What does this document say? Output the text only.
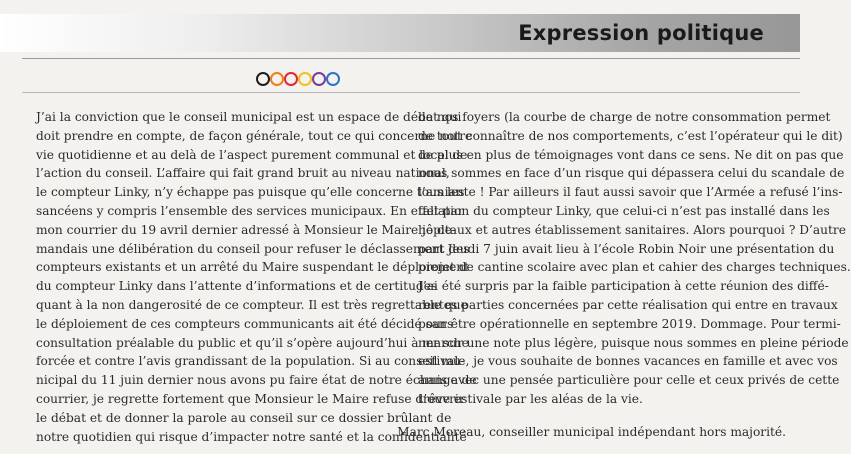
Expression politique
J’ai la conviction que le conseil municipal est un espace de débat qui
doit prendre en compte, de façon générale, tout ce qui concerne notre
vie quotidienne et au delà de l’aspect purement communal et local de
l’action du conseil. L’affaire qui fait grand bruit au niveau national,
le compteur Linky, n’y échappe pas puisque qu’elle concerne tous les
sancéens y compris l’ensemble des services municipaux. En effet par
mon courrier du 19 avril dernier adressé à Monsieur le Maire je de-
mandais une délibération du conseil pour refuser le déclassement des
compteurs existants et un arrêté du Maire suspendant le déploiement
du compteur Linky dans l’attente d’informations et de certitudes
quant à la non dangerosité de ce compteur. Il est très regrettable que
le déploiement de ces compteurs communicants ait été décidé sans
consultation préalable du public et qu’il s’opère aujourd’hui à marche
forcée et contre l’avis grandissant de la population. Si au conseil mu-
nicipal du 11 juin dernier nous avons pu faire état de notre échange de
courrier, je regrette fortement que Monsieur le Maire refuse d’ouvrir
le débat et de donner la parole au conseil sur ce dossier brûlant de
notre quotidien qui risque d’impacter notre santé et la confidentialité
de nos foyers (la courbe de charge de notre consommation permet
de tout connaître de nos comportements, c’est l’opérateur qui le dit)
de plus en plus de témoignages vont dans ce sens. Ne dit on pas que
nous sommes en face d’un risque qui dépassera celui du scandale de
l’amiante ! Par ailleurs il faut aussi savoir que l’Armée a refusé l’ins-
tallation du compteur Linky, que celui-ci n’est pas installé dans les
hôpitaux et autres établissement sanitaires. Alors pourquoi ? D’autre
part Jeudi 7 juin avait lieu à l’école Robin Noir une présentation du
projet de cantine scolaire avec plan et cahier des charges techniques.
J’ai été surpris par la faible participation à cette réunion des diffé-
rentes parties concernées par cette réalisation qui entre en travaux
pour être opérationnelle en septembre 2019. Dommage. Pour termi-
ner sur une note plus légère, puisque nous sommes en pleine période
estivale, je vous souhaite de bonnes vacances en famille et avec vos
amis avec une pensée particulière pour celle et ceux privés de cette
trêve estivale par les aléas de la vie.
Marc Moreau, conseiller municipal indépendant hors majorité.
